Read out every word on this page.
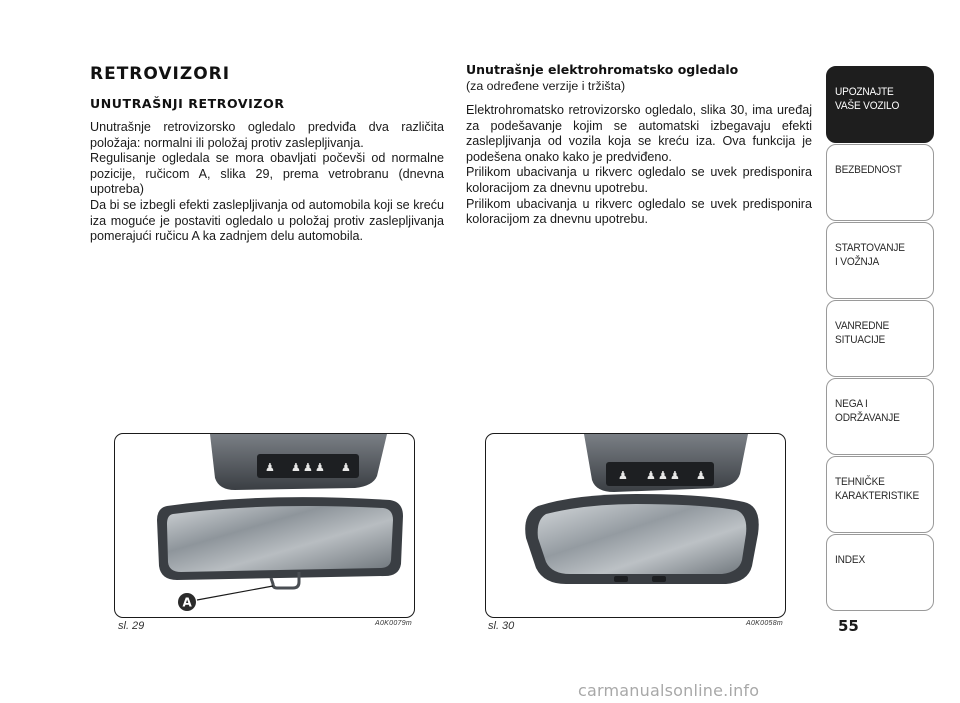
RETROVIZORI
UNUTRAŠNJI RETROVIZOR

Unutrašnje retrovizorsko ogledalo predviđa dva različita položaja: normalni ili položaj protiv zaslepljivanja.

Regulisanje ogledala se mora obavljati počevši od normalne pozicije, ručicom A, slika 29, prema vetrobranu (dnevna upotreba)

Da bi se izbegli efekti zaslepljivanja od automobila koji se kreću iza moguće je postaviti ogledalo u položaj protiv zaslepljivanja pomerajući ručicu A ka zadnjem delu automobila.

Unutrašnje elektrohromatsko ogledalo
(za određene verzije i tržišta)

Elektrohromatsko retrovizorsko ogledalo, slika 30, ima uređaj za podešavanje kojim se automatski izbegavaju efekti zaslepljivanja od vozila koja se kreću iza. Ova funkcija je podešena onako kako je predviđeno.

Prilikom ubacivanja u rikverc ogledalo se uvek predisponira koloracijom za dnevnu upotrebu.

Prilikom ubacivanja u rikverc ogledalo se uvek predisponira koloracijom za dnevnu upotrebu.

UPOZNAJTE
VAŠE VOZILO
BEZBEDNOST
STARTOVANJE
I VOŽNJA
VANREDNE
SITUACIJE
NEGA I
ODRŽAVANJE
TEHNIČKE
KARAKTERISTIKE
INDEX
55
♟ ♟ ♟ ♟ ♟
A
sl. 29	A0K0079m
♟ ♟ ♟ ♟ ♟
sl. 30	A0K0058m
carmanualsonline.info
